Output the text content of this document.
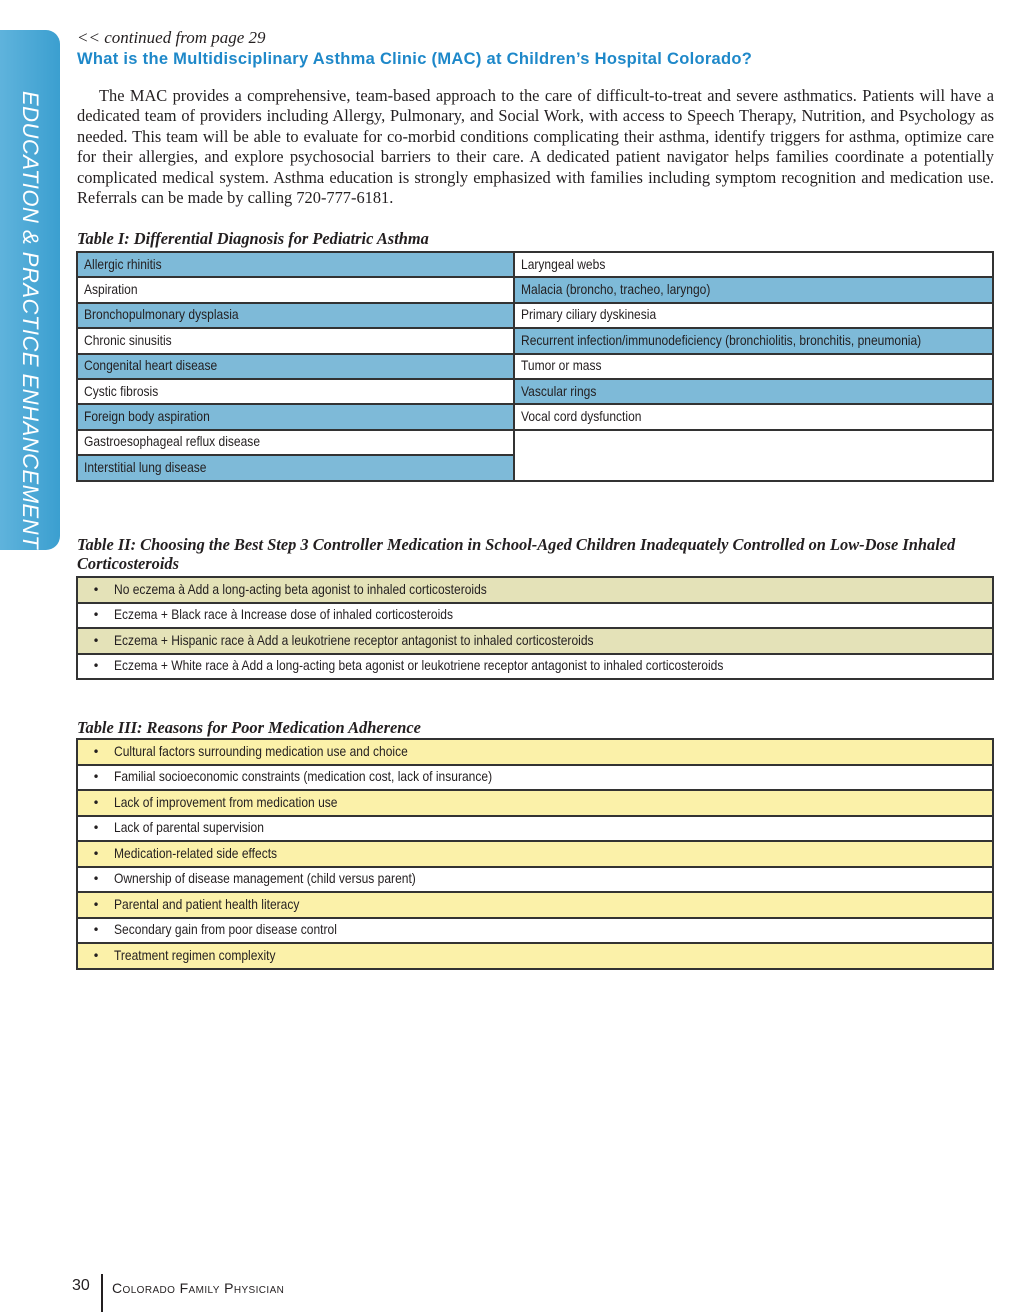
EDUCATION & PRACTICE ENHANCEMENT
<< continued from page 29
What is the Multidisciplinary Asthma Clinic (MAC) at Children’s Hospital Colorado?

The MAC provides a comprehensive, team-based approach to the care of difficult-to-treat and severe asthmatics. Patients will have a dedicated team of providers including Allergy, Pulmonary, and Social Work, with access to Speech Therapy, Nutrition, and Psychology as needed. This team will be able to evaluate for co-morbid conditions complicating their asthma, identify triggers for asthma, optimize care for their allergies, and explore psychosocial barriers to their care. A dedicated patient navigator helps families coordinate a potentially complicated medical system. Asthma education is strongly emphasized with families including symptom recognition and medication use. Referrals can be made by calling 720-777-6181.

Table I: Differential Diagnosis for Pediatric Asthma
Allergic rhinitis	Laryngeal webs
Aspiration	Malacia (broncho, tracheo, laryngo)
Bronchopulmonary dysplasia	Primary ciliary dyskinesia
Chronic sinusitis	Recurrent infection/immunodeficiency (bronchiolitis, bronchitis, pneumonia)
Congenital heart disease	Tumor or mass
Cystic fibrosis	Vascular rings
Foreign body aspiration	Vocal cord dysfunction
Gastroesophageal reflux disease	
Interstitial lung disease	
Table II: Choosing the Best Step 3 Controller Medication in School-Aged Children Inadequately Controlled on Low-Dose Inhaled Corticosteroids
• No eczema à Add a long-acting beta agonist to inhaled corticosteroids
• Eczema + Black race à Increase dose of inhaled corticosteroids
• Eczema + Hispanic race à Add a leukotriene receptor antagonist to inhaled corticosteroids
• Eczema + White race à Add a long-acting beta agonist or leukotriene receptor antagonist to inhaled corticosteroids
Table III: Reasons for Poor Medication Adherence
• Cultural factors surrounding medication use and choice
• Familial socioeconomic constraints (medication cost, lack of insurance)
• Lack of improvement from medication use
• Lack of parental supervision
• Medication-related side effects
• Ownership of disease management (child versus parent)
• Parental and patient health literacy
• Secondary gain from poor disease control
• Treatment regimen complexity
30 Colorado Family Physician
